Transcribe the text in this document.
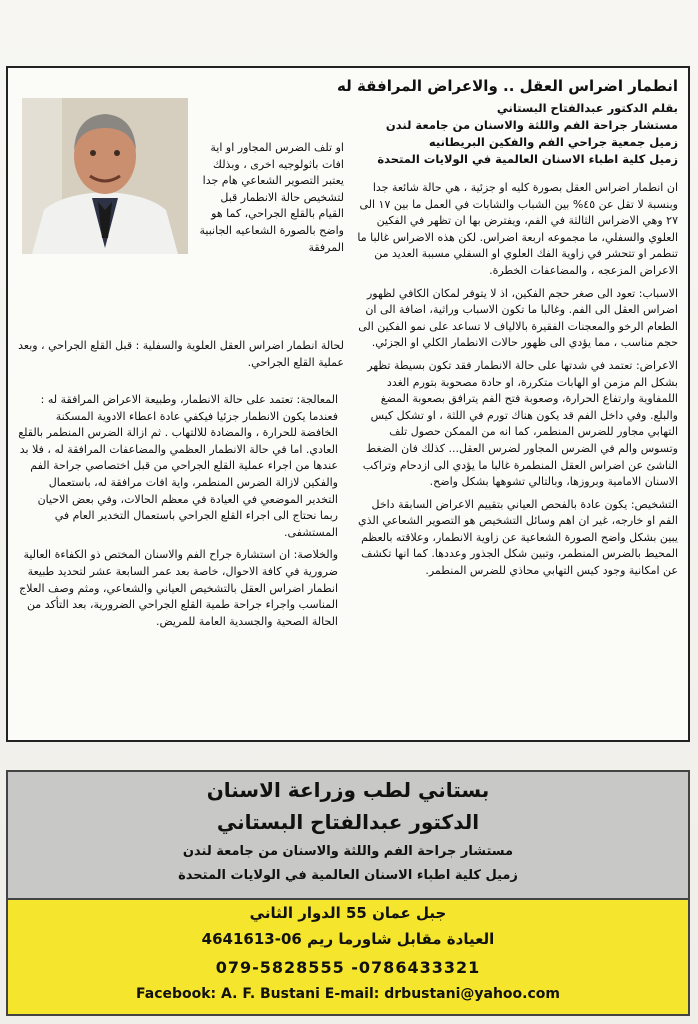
انطمار اضراس العقل .. والاعراض المرافقة له
بقلم الدكتور عبدالفتاح البستاني
مستشار جراحة الفم واللثة والاسنان من جامعة لندن
زميل جمعية جراحي الفم والفكين البريطانيه
زميل كلية اطباء الاسنان العالمية في الولايات المتحدة

ان انطمار اضراس العقل بصورة كليه او جزئية ، هي حالة شائعة جدا وبنسبة لا تقل عن ٤٥% بين الشباب والشابات في العمل ما بين ١٧ الى ٢٧ وهي الاضراس الثالثة في الفم، ويفترض بها ان تظهر في الفكين العلوي والسفلي، ما مجموعه اربعة اضراس. لكن هذه الاضراس غالبا ما تنطمر او تتحشر في زاوية الفك العلوي او السفلي مسببة العديد من الاعراض المزعجه ، والمضاعفات الخطرة.

الاسباب: تعود الى صغر حجم الفكين، اذ لا يتوفر لمكان الكافي لظهور اضراس العقل الى الفم. وغالبا ما تكون الاسباب وراثية، اضافة الى ان الطعام الرخو والمعجنات الفقيرة بالالياف لا تساعد على نمو الفكين الى حجم مناسب ، مما يؤدي الى ظهور حالات الانطمار الكلي او الجزئي.

الاعراض: تعتمد في شدتها على حالة الانطمار فقد تكون بسيطة تظهر بشكل الم مزمن او الهابات متكررة، او حادة مصحوبة بتورم الغدد اللمفاوية وارتفاع الحرارة، وصعوبة فتح الفم يترافق بصعوبة المضغ والبلع. وفي داخل الفم قد يكون هناك تورم في اللثة ، او تشكل كيس التهابي مجاور للضرس المنطمر، كما انه من الممكن حصول تلف وتسوس والم في الضرس المجاور لضرس العقل... كذلك فان الضغط الناشئ عن اضراس العقل المنطمرة غالبا ما يؤدي الى ازدحام وتراكب الاسنان الامامية وبروزها، وبالتالي تشوهها بشكل واضح.

التشخيص: يكون عادة بالفحص العياني بتقييم الاعراض السابقة داخل الفم او خارجه، غير ان اهم وسائل التشخيص هو التصوير الشعاعي الذي يبين بشكل واضح الصورة الشعاعية عن زاوية الانطمار، وعلاقته بالعظم المحيط بالضرس المنطمر، وتبين شكل الجذور وعددها. كما انها تكشف عن امكانية وجود كيس التهابي محاذي للضرس المنطمر.

او تلف الضرس المجاور او اية افات باثولوجيه اخرى ، وبذلك يعتبر التصوير الشعاعي هام جدا لتشخيص حالة الانطمار قبل القيام بالقلع الجراحي، كما هو واضح بالصورة الشعاعيه الجانبية المرفقة
لحالة انطمار اضراس العقل العلوية والسفلية : قبل القلع الجراحي ، وبعد عملية القلع الجراحي.

المعالجة: تعتمد على حالة الانطمار، وطبيعة الاعراض المرافقة له : فعندما يكون الانطمار جزئيا فيكفي عادة اعطاء الادوية المسكنة الخافضة للحرارة ، والمضادة للالتهاب . ثم ازالة الضرس المنطمر بالقلع العادي. اما في حالة الانطمار العظمي والمضاعفات المرافقة له ، فلا بد عندها من اجراء عملية القلع الجراحي من قبل اختصاصي جراحة الفم والفكين لازالة الضرس المنطمر، واية افات مرافقة له، باستعمال التخدير الموضعي في العيادة في معظم الحالات، وفي بعض الاحيان ربما نحتاج الى اجراء القلع الجراحي باستعمال التخدير العام في المستشفى.

والخلاصة: ان استشارة جراح الفم والاسنان المختص ذو الكفاءة العالية ضرورية في كافة الاحوال، خاصة بعد عمر السابعة عشر لتحديد طبيعة انطمار اضراس العقل بالتشخيص العياني والشعاعي، ومثم وصف العلاج المناسب واجراء جراحة طمية القلع الجراحي الضرورية، بعد التأكد من الحالة الصحية والجسدية العامة للمريض.

بستاني لطب وزراعة الاسنان
الدكتور عبدالفتاح البستاني
مستشار جراحة الفم واللثة والاسنان من جامعة لندن
زميل كلية اطباء الاسنان العالمية في الولايات المتحدة
جبل عمان 55 الدوار الثاني
العيادة مقابل شاورما ريم 06-4641613
079-5828555 -0786433321
Facebook: A. F. Bustani E-mail: drbustani@yahoo.com
